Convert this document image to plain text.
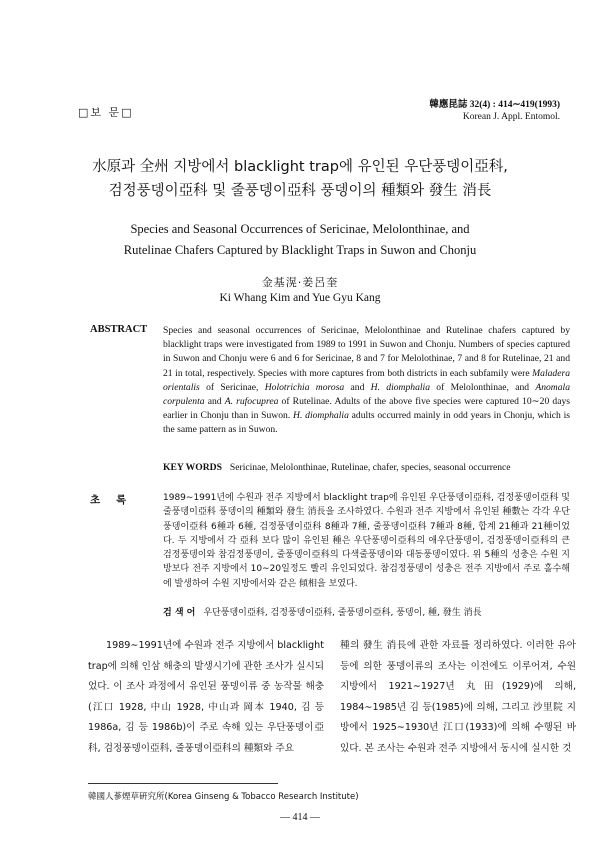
□보 문□
韓應昆誌 32(4) : 414∼419(1993)
Korean J. Appl. Entomol.
水原과 全州 지방에서 blacklight trap에 유인된 우단풍뎅이亞科,
검정풍뎅이亞科 및 줄풍뎅이亞科 풍뎅이의 種類와 發生 消長
Species and Seasonal Occurrences of Sericinae, Melolonthinae, and
Rutelinae Chafers Captured by Blacklight Traps in Suwon and Chonju
金基滉·姜呂奎
Ki Whang Kim and Yue Gyu Kang
ABSTRACT Species and seasonal occurrences of Sericinae, Melolonthinae and Rutelinae chafers captured by blacklight traps were investigated from 1989 to 1991 in Suwon and Chonju. Numbers of species captured in Suwon and Chonju were 6 and 6 for Sericinae, 8 and 7 for Melolothinae, 7 and 8 for Rutelinae, 21 and 21 in total, respectively. Species with more captures from both districts in each subfamily were Maladera orientalis of Sericinae, Holotrichia morosa and H. diomphalia of Melolonthinae, and Anomala corpulenta and A. rufocuprea of Rutelinae. Adults of the above five species were captured 10∼20 days earlier in Chonju than in Suwon. H. diomphalia adults occurred mainly in odd years in Chonju, which is the same pattern as in Suwon.
KEY WORDS Sericinae, Melolonthinae, Rutelinae, chafer, species, seasonal occurrence
초록 1989∼1991년에 수원과 전주 지방에서 blacklight trap에 유인된 우단풍뎅이亞科, 검정풍뎅이亞科 및 줄풍뎅이亞科 풍뎅이의 種類와 發生 消長을 조사하였다. 수원과 전주 지방에서 유인된 種數는 각각 우단풍뎅이亞科 6種과 6種, 검정풍뎅이亞科 8種과 7種, 줄풍뎅이亞科 7種과 8種, 합계 21種과 21種이었다. 두 지방에서 각 亞科 보다 많이 유인된 種은 우단풍뎅이亞科의 애우단풍뎅이, 검정풍뎅이亞科의 큰검정풍뎅이와 참검정풍뎅이, 줄풍뎅이亞科의 다색줄풍뎅이와 대동풍뎅이였다. 위 5種의 성충은 수원 지방보다 전주 지방에서 10∼20일정도 빨리 유인되었다. 참검정풍뎅이 성충은 전주 지방에서 주로 홀수해에 발생하여 수원 지방에서와 같은 傾相을 보였다.
검 색 어 우단풍뎅이亞科, 검정풍뎅이亞科, 줄풍뎅이亞科, 풍뎅이, 種, 發生 消長
1989∼1991년에 수원과 전주 지방에서 blacklight trap에 의해 인삼 해충의 발생시기에 관한 조사가 실시되었다. 이 조사 과정에서 유인된 풍뎅이류 중 농작물 해충(江口 1928, 中山 1928, 中山과 岡本 1940, 김 등 1986a, 김 등 1986b)이 주로 속해 있는 우단풍뎅이亞科, 검정풍뎅이亞科, 줄풍뎅이亞科의 種類와 주요
種의 發生 消長에 관한 자료를 정리하였다. 이러한 유아등에 의한 풍뎅이류의 조사는 이전에도 이루어져, 수원 지방에서 1921∼1927년 丸田(1929)에 의해, 1984∼1985년 김 등(1985)에 의해, 그리고 沙里院 지방에서 1925∼1930년 江口(1933)에 의해 수행된 바 있다. 본 조사는 수원과 전주 지방에서 동시에 실시한 것
韓國人蔘煙草硏究所(Korea Ginseng & Tobacco Research Institute)
— 414 —
